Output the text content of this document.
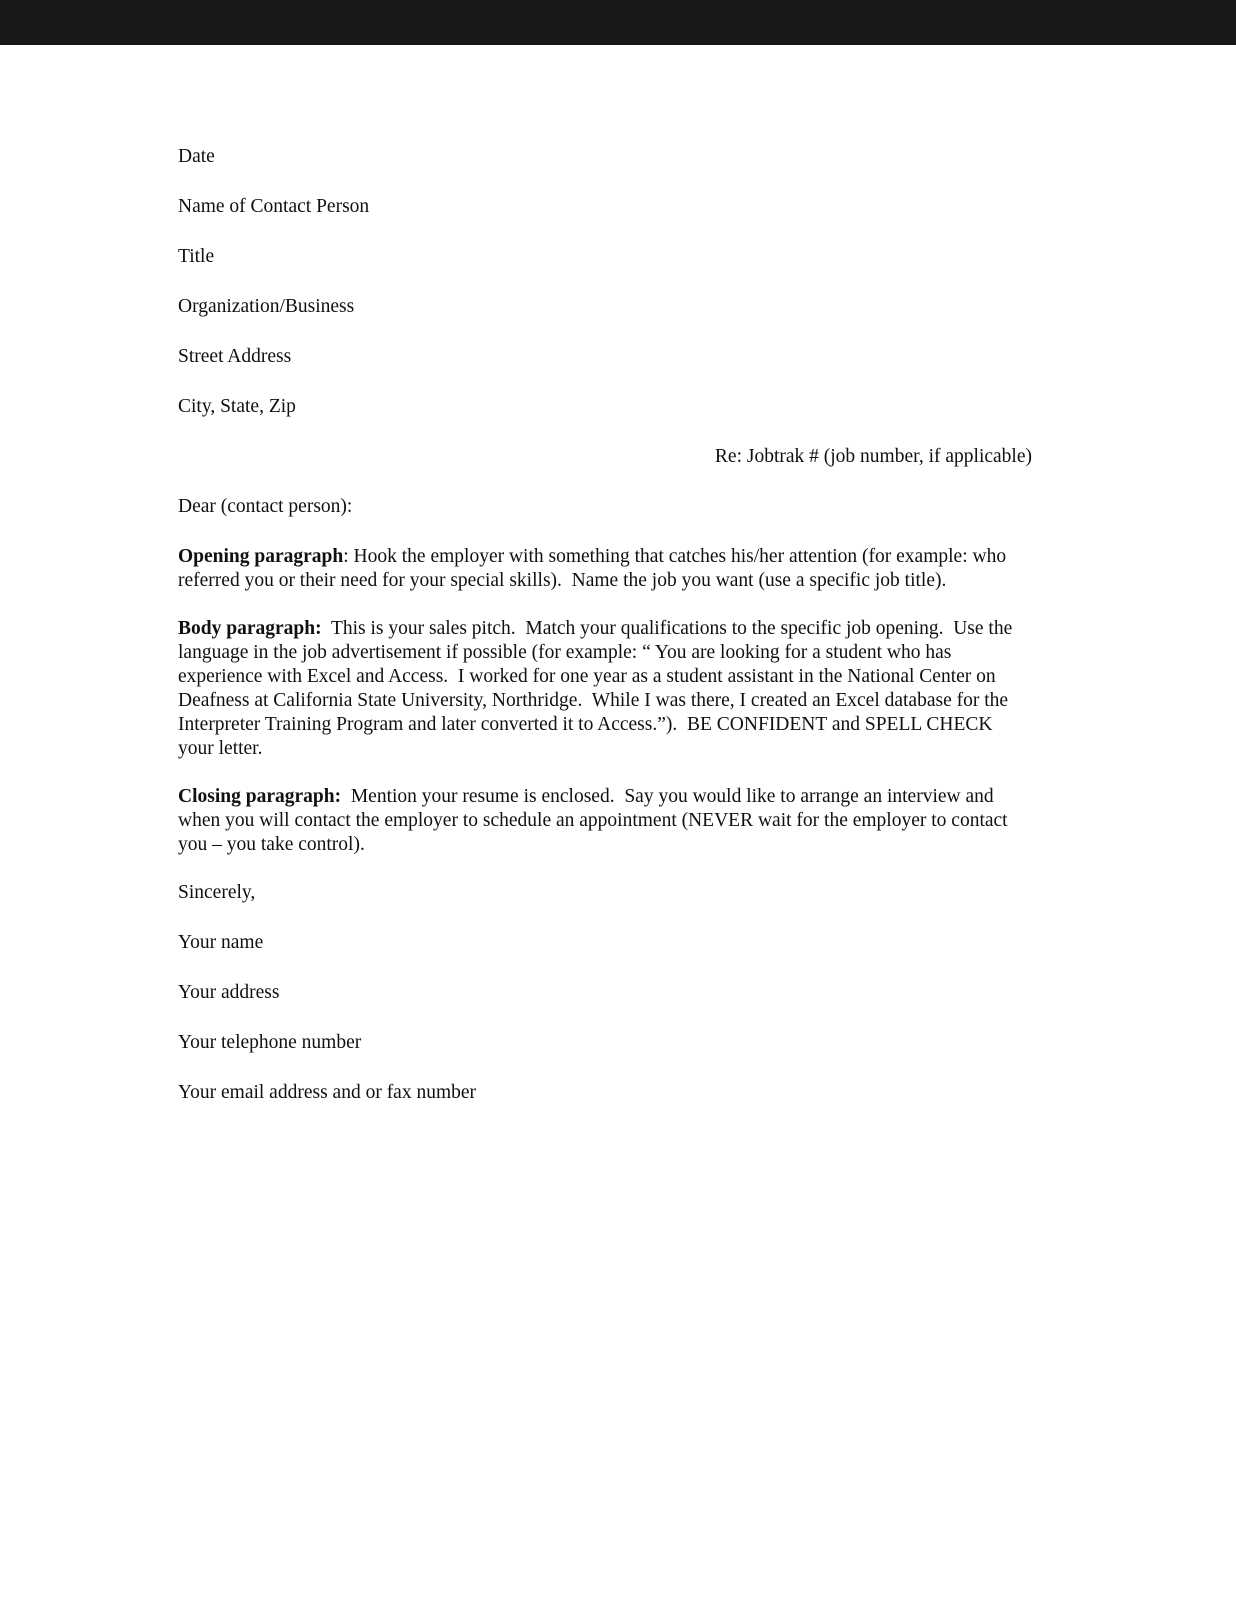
Date

Name of Contact Person

Title

Organization/Business

Street Address

City, State, Zip

Re: Jobtrak # (job number, if applicable)

Dear (contact person):

Opening paragraph: Hook the employer with something that catches his/her attention (for example: who referred you or their need for your special skills).  Name the job you want (use a specific job title).

Body paragraph:  This is your sales pitch.  Match your qualifications to the specific job opening.  Use the language in the job advertisement if possible (for example: “ You are looking for a student who has experience with Excel and Access.  I worked for one year as a student assistant in the National Center on Deafness at California State University, Northridge.  While I was there, I created an Excel database for the Interpreter Training Program and later converted it to Access.”).  BE CONFIDENT and SPELL CHECK your letter.

Closing paragraph:  Mention your resume is enclosed.  Say you would like to arrange an interview and when you will contact the employer to schedule an appointment (NEVER wait for the employer to contact you – you take control).

Sincerely,

Your name

Your address

Your telephone number

Your email address and or fax number
